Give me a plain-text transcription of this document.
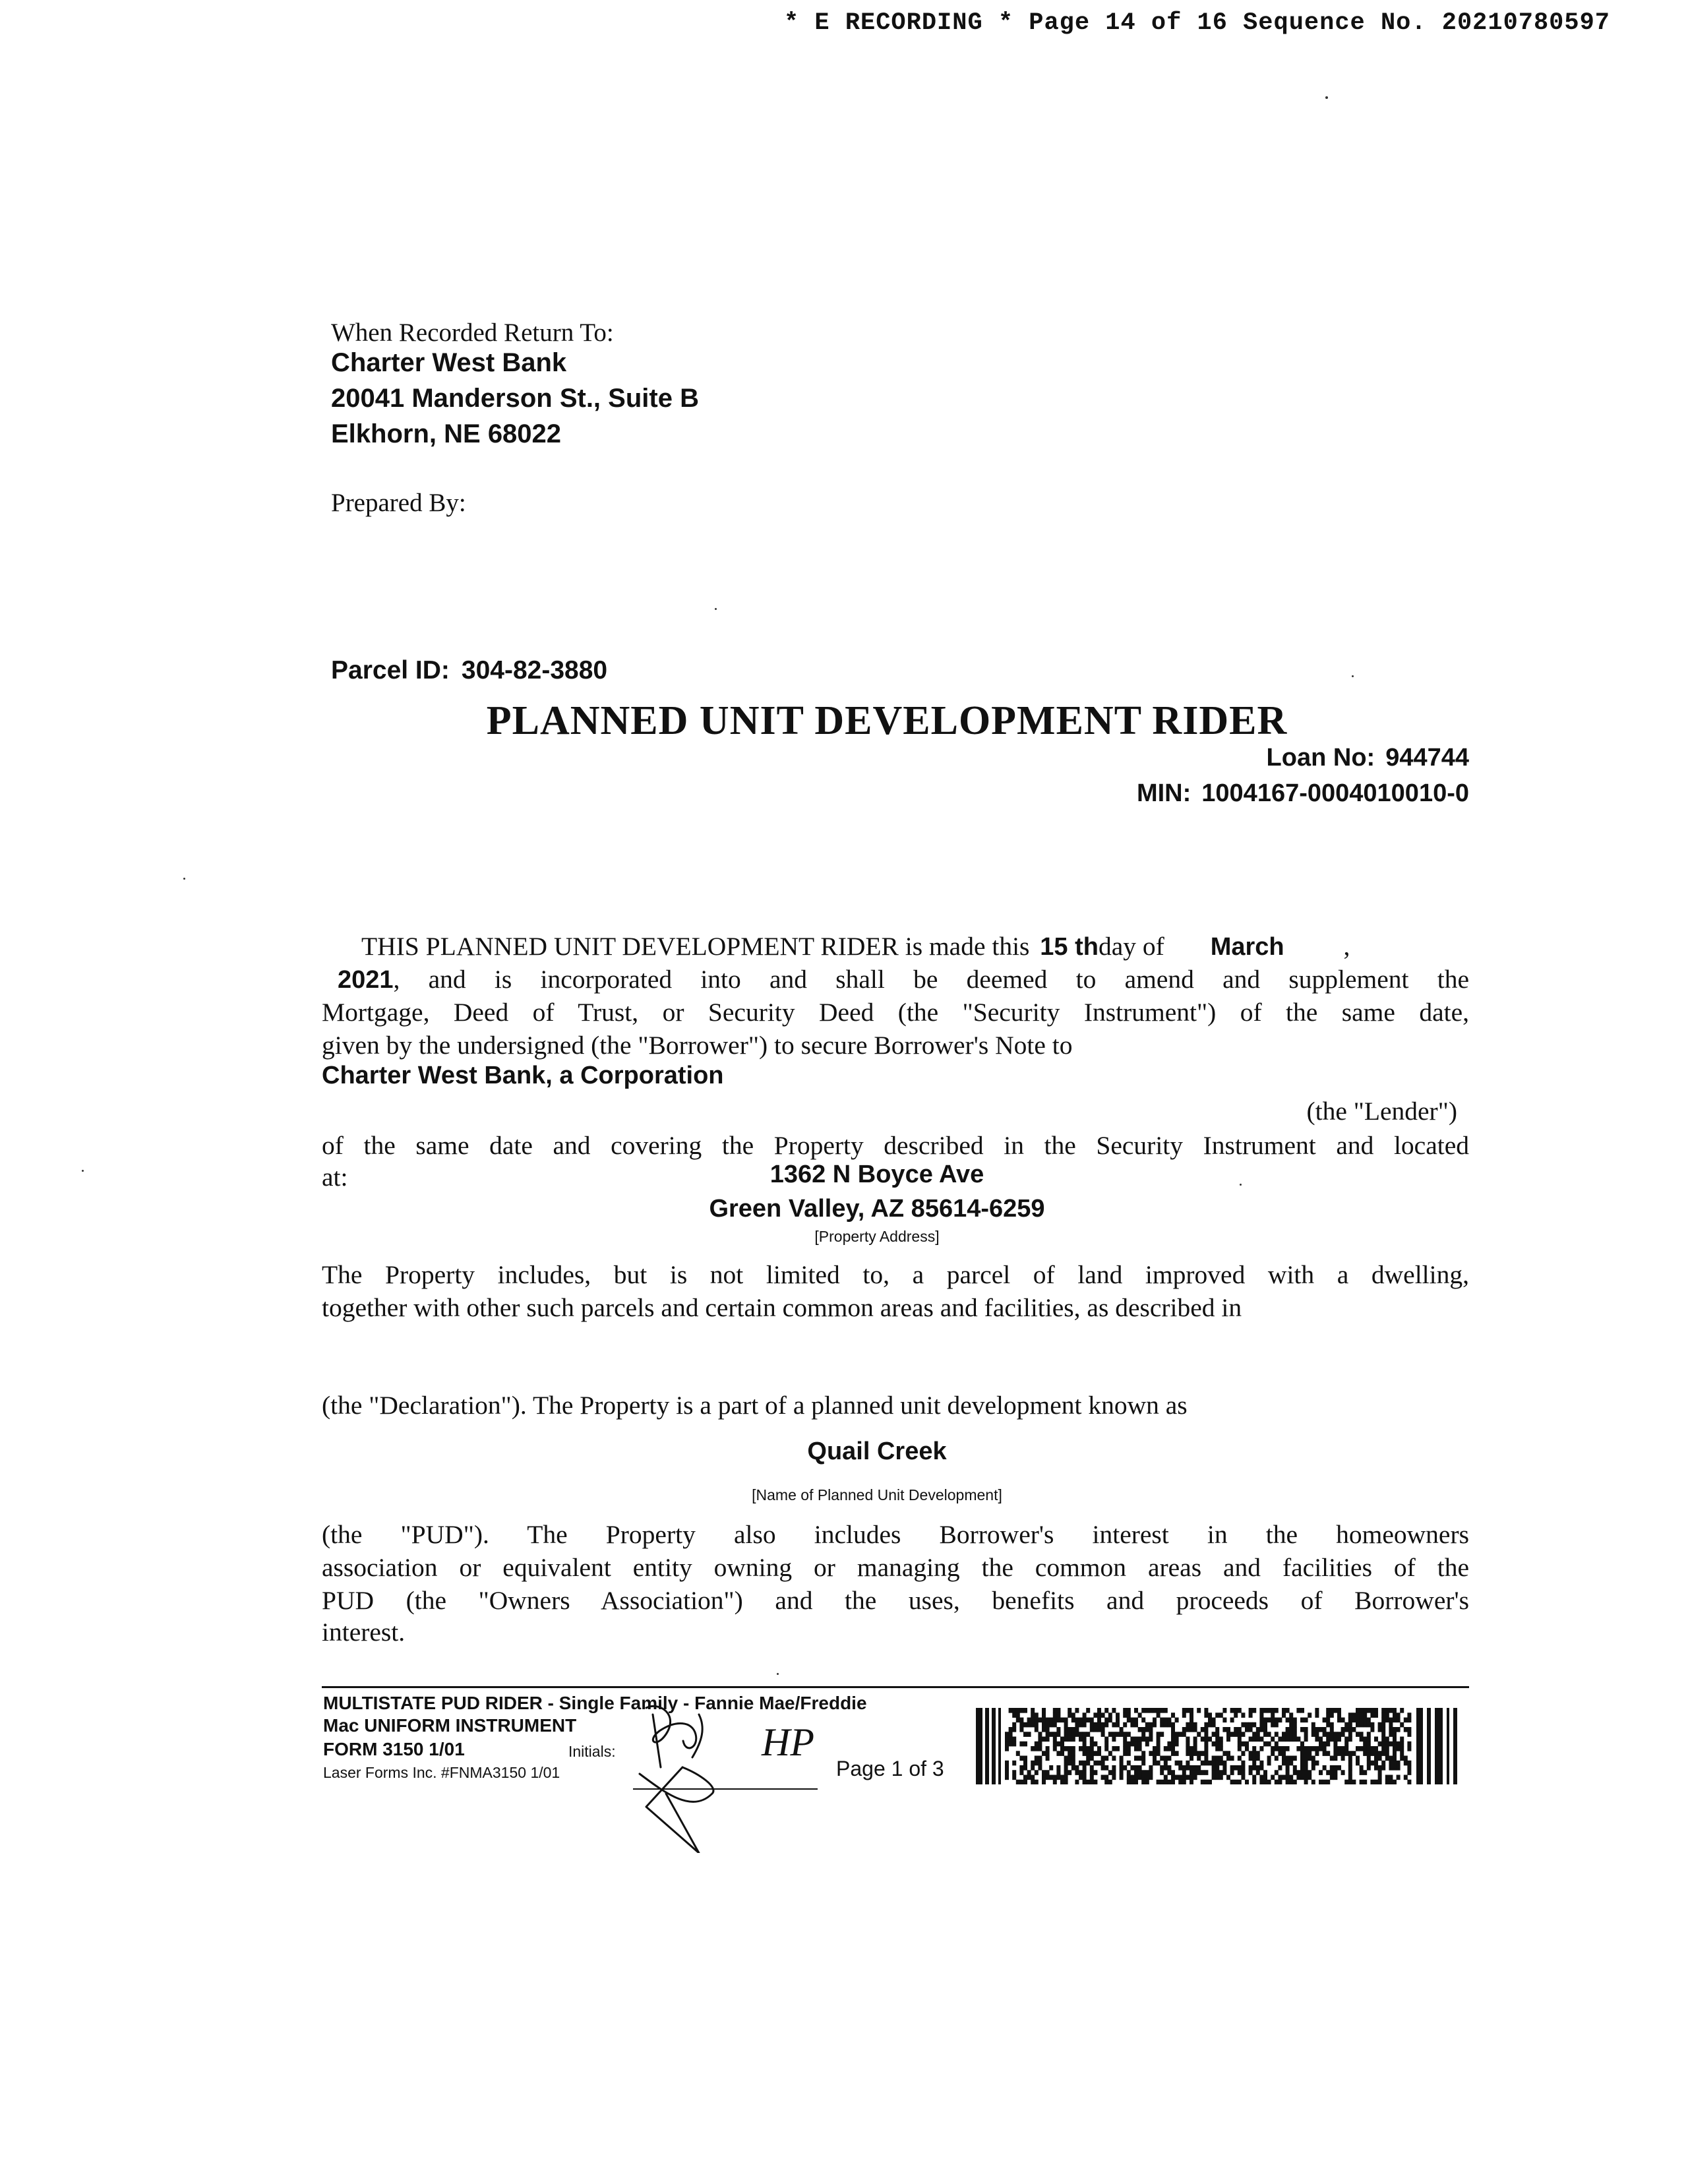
* E RECORDING * Page 14 of 16 Sequence No. 20210780597
When Recorded Return To:
Charter West Bank
20041 Manderson St., Suite B
Elkhorn, NE 68022
Prepared By:
Parcel ID: 304-82-3880
PLANNED UNIT DEVELOPMENT RIDER
Loan No: 944744
MIN: 1004167-0004010010-0
THIS PLANNED UNIT DEVELOPMENT RIDER is made this 15 thday of March ,
2021, and is incorporated into and shall be deemed to amend and supplement the
Mortgage, Deed of Trust, or Security Deed (the "Security Instrument") of the same date,
given by the undersigned (the "Borrower") to secure Borrower's Note to
Charter West Bank, a Corporation
(the "Lender")
of the same date and covering the Property described in the Security Instrument and located
at:	1362 N Boyce Ave
Green Valley, AZ 85614-6259
[Property Address]
The Property includes, but is not limited to, a parcel of land improved with a dwelling,
together with other such parcels and certain common areas and facilities, as described in
(the "Declaration"). The Property is a part of a planned unit development known as
Quail Creek
[Name of Planned Unit Development]
(the "PUD"). The Property also includes Borrower's interest in the homeowners
association or equivalent entity owning or managing the common areas and facilities of the
PUD (the "Owners Association") and the uses, benefits and proceeds of Borrower's
interest.
MULTISTATE PUD RIDER - Single Family - Fannie Mae/Freddie
Mac UNIFORM INSTRUMENT
FORM 3150 1/01
Laser Forms Inc. #FNMA3150 1/01
Initials:
Page 1 of 3
HP
